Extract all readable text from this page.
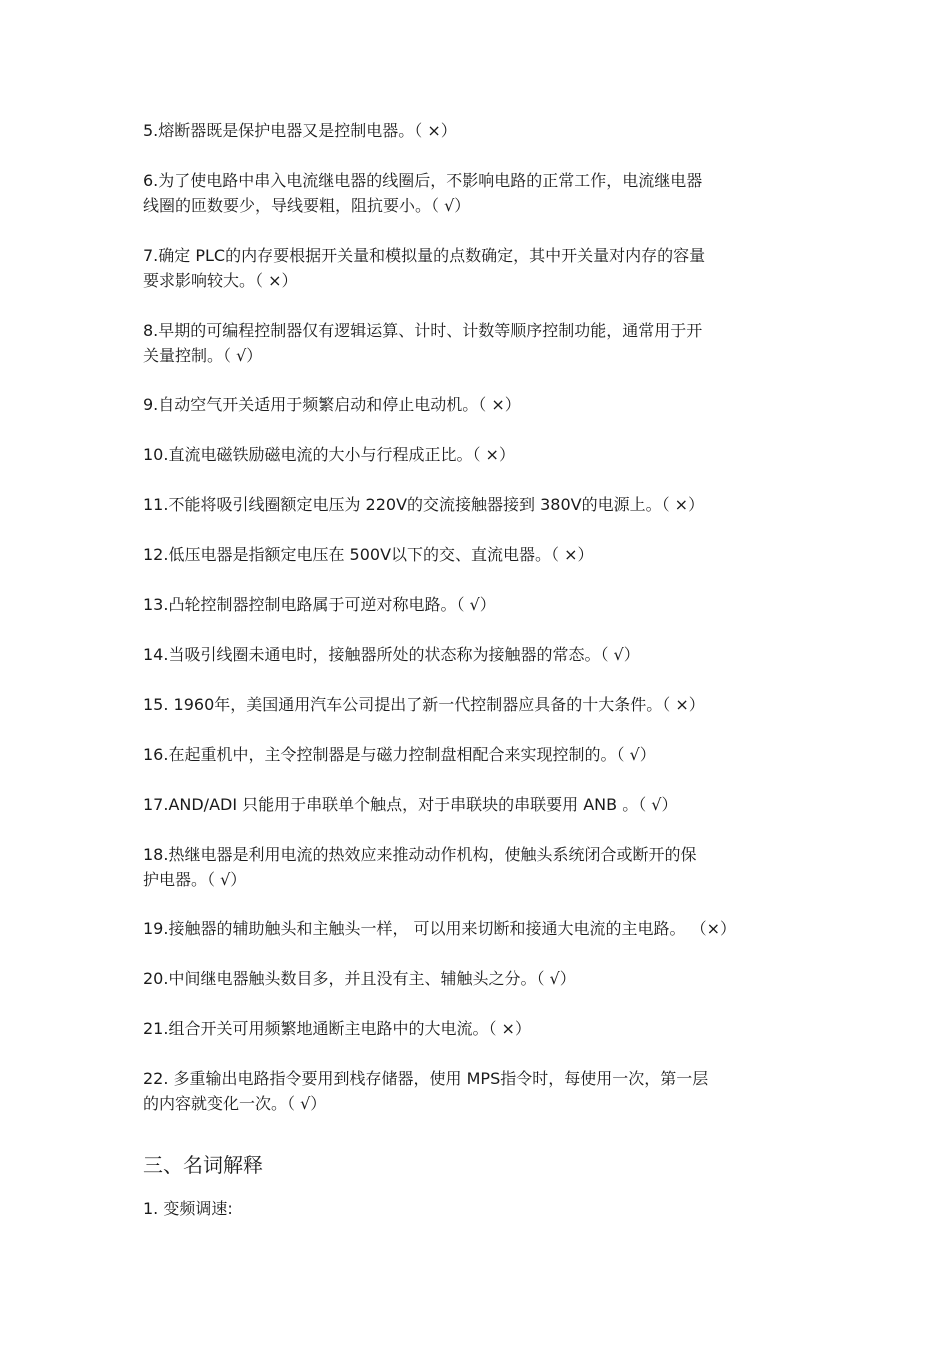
5.熔断器既是保护电器又是控制电器。（ ×）
6.为了使电路中串入电流继电器的线圈后，不影响电路的正常工作，电流继电器
线圈的匝数要少，导线要粗，阻抗要小。（ √）
7.确定 PLC的内存要根据开关量和模拟量的点数确定，其中开关量对内存的容量
要求影响较大。（ ×）
8.早期的可编程控制器仅有逻辑运算、计时、计数等顺序控制功能，通常用于开
关量控制。（ √）
9.自动空气开关适用于频繁启动和停止电动机。（ ×）
10.直流电磁铁励磁电流的大小与行程成正比。（ ×）
11.不能将吸引线圈额定电压为 220V的交流接触器接到 380V的电源上。（ ×）
12.低压电器是指额定电压在 500V以下的交、直流电器。（ ×）
13.凸轮控制器控制电路属于可逆对称电路。（ √）
14.当吸引线圈未通电时，接触器所处的状态称为接触器的常态。（ √）
15. 1960年，美国通用汽车公司提出了新一代控制器应具备的十大条件。（ ×）
16.在起重机中，主令控制器是与磁力控制盘相配合来实现控制的。（ √）
17.AND/ADI 只能用于串联单个触点，对于串联块的串联要用 ANB 。（ √）
18.热继电器是利用电流的热效应来推动动作机构，使触头系统闭合或断开的保
护电器。（ √）
19.接触器的辅助触头和主触头一样， 可以用来切断和接通大电流的主电路。 （×）
20.中间继电器触头数目多，并且没有主、辅触头之分。（ √）
21.组合开关可用频繁地通断主电路中的大电流。（ ×）
22. 多重输出电路指令要用到栈存储器，使用 MPS指令时，每使用一次，第一层
的内容就变化一次。（ √）
三、名词解释
1. 变频调速:
